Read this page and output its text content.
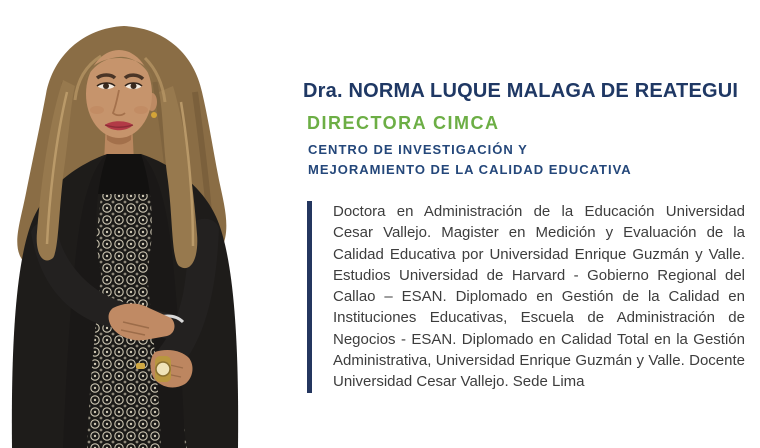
Dra. NORMA LUQUE MALAGA DE REATEGUI
DIRECTORA CIMCA
CENTRO DE INVESTIGACIÓN Y
MEJORAMIENTO DE LA CALIDAD EDUCATIVA

Doctora en Administración de la Educación Universidad Cesar Vallejo. Magister en Medición y Evaluación de la Calidad Educativa por Universidad Enrique Guzmán y Valle. Estudios Universidad de Harvard - Gobierno Regional del Callao – ESAN. Diplomado en Gestión de la Calidad en Instituciones Educativas, Escuela de Administración de Negocios - ESAN. Diplomado en Calidad Total en la Gestión Administrativa, Universidad Enrique Guzmán y Valle. Docente Universidad Cesar Vallejo. Sede Lima
